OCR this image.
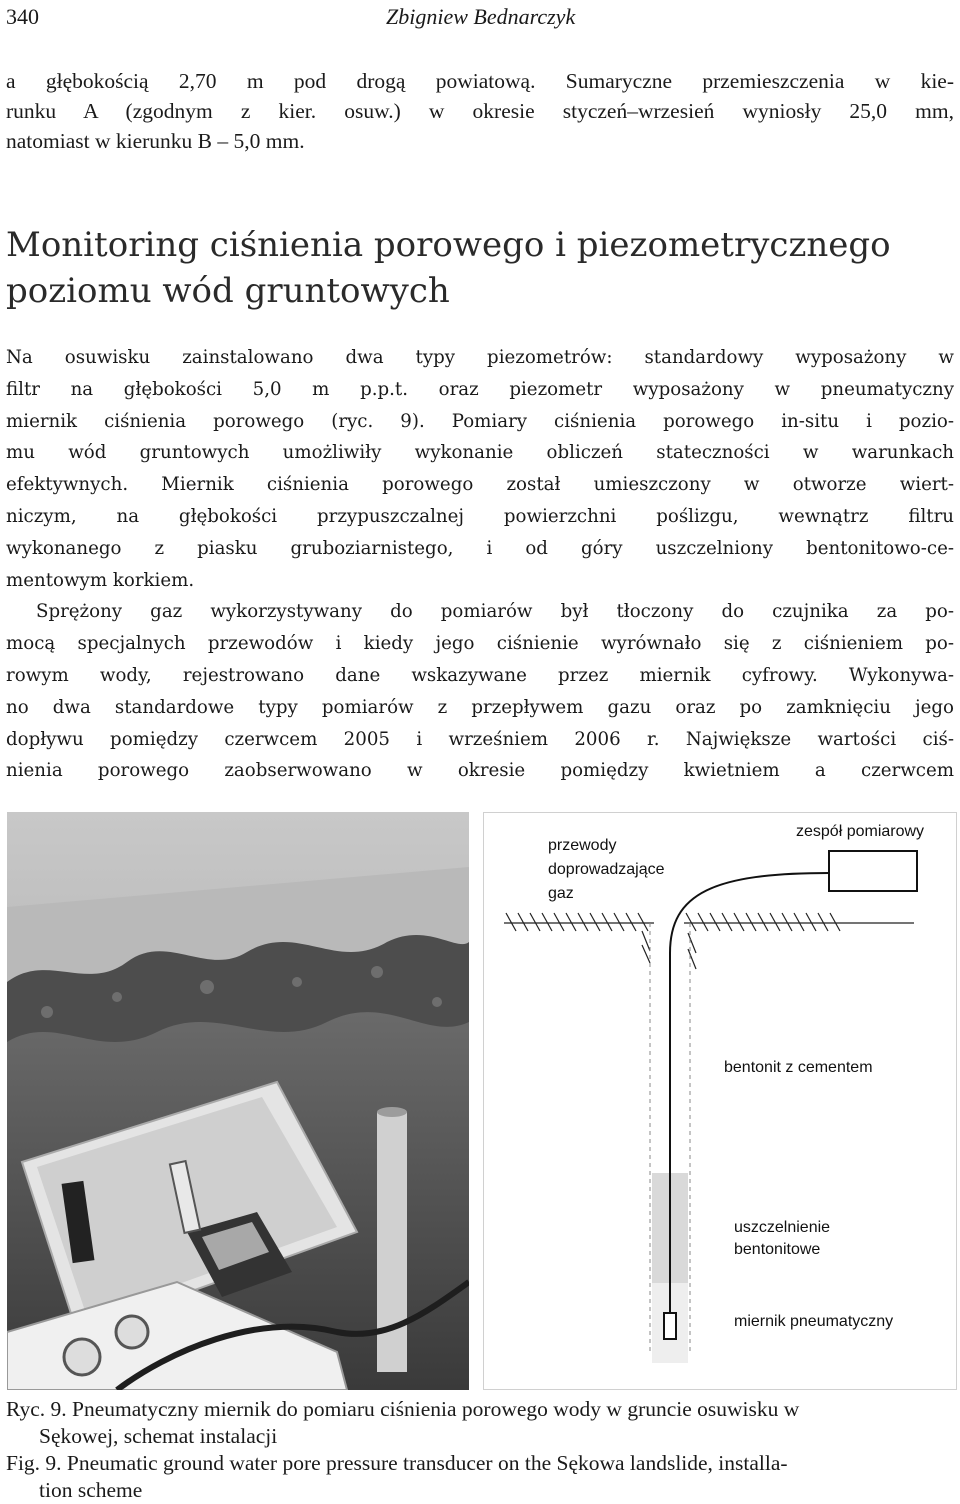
340	Zbigniew Bednarczyk
a głębokością 2,70 m pod drogą powiatową. Sumaryczne przemieszczenia w kie-
runku A (zgodnym z kier. osuw.) w okresie styczeń–wrzesień wyniosły 25,0 mm,
natomiast w kierunku B – 5,0 mm.
Monitoring ciśnienia porowego i piezometrycznego
poziomu wód gruntowych
Na osuwisku zainstalowano dwa typy piezometrów: standardowy wyposażony w
filtr na głębokości 5,0 m p.p.t. oraz piezometr wyposażony w pneumatyczny
miernik ciśnienia porowego (ryc. 9). Pomiary ciśnienia porowego in-situ i pozio-
mu wód gruntowych umożliwiły wykonanie obliczeń stateczności w warunkach
efektywnych. Miernik ciśnienia porowego został umieszczony w otworze wiert-
niczym, na głębokości przypuszczalnej powierzchni poślizgu, wewnątrz filtru
wykonanego z piasku gruboziarnistego, i od góry uszczelniony bentonitowo-ce-
mentowym korkiem.
Sprężony gaz wykorzystywany do pomiarów był tłoczony do czujnika za po-
mocą specjalnych przewodów i kiedy jego ciśnienie wyrównało się z ciśnieniem po-
rowym wody, rejestrowano dane wskazywane przez miernik cyfrowy. Wykonywa-
no dwa standardowe typy pomiarów z przepływem gazu oraz po zamknięciu jego
dopływu pomiędzy czerwcem 2005 i wrześniem 2006 r. Największe wartości ciś-
nienia porowego zaobserwowano w okresie pomiędzy kwietniem a czerwcem
przewody
doprowadzające
gaz
zespół pomiarowy
bentonit z cementem
uszczelnienie
bentonitowe
miernik pneumatyczny
Ryc. 9. Pneumatyczny miernik do pomiaru ciśnienia porowego wody w gruncie osuwisku w
Sękowej, schemat instalacji
Fig. 9. Pneumatic ground water pore pressure transducer on the Sękowa landslide, installa-
tion scheme
